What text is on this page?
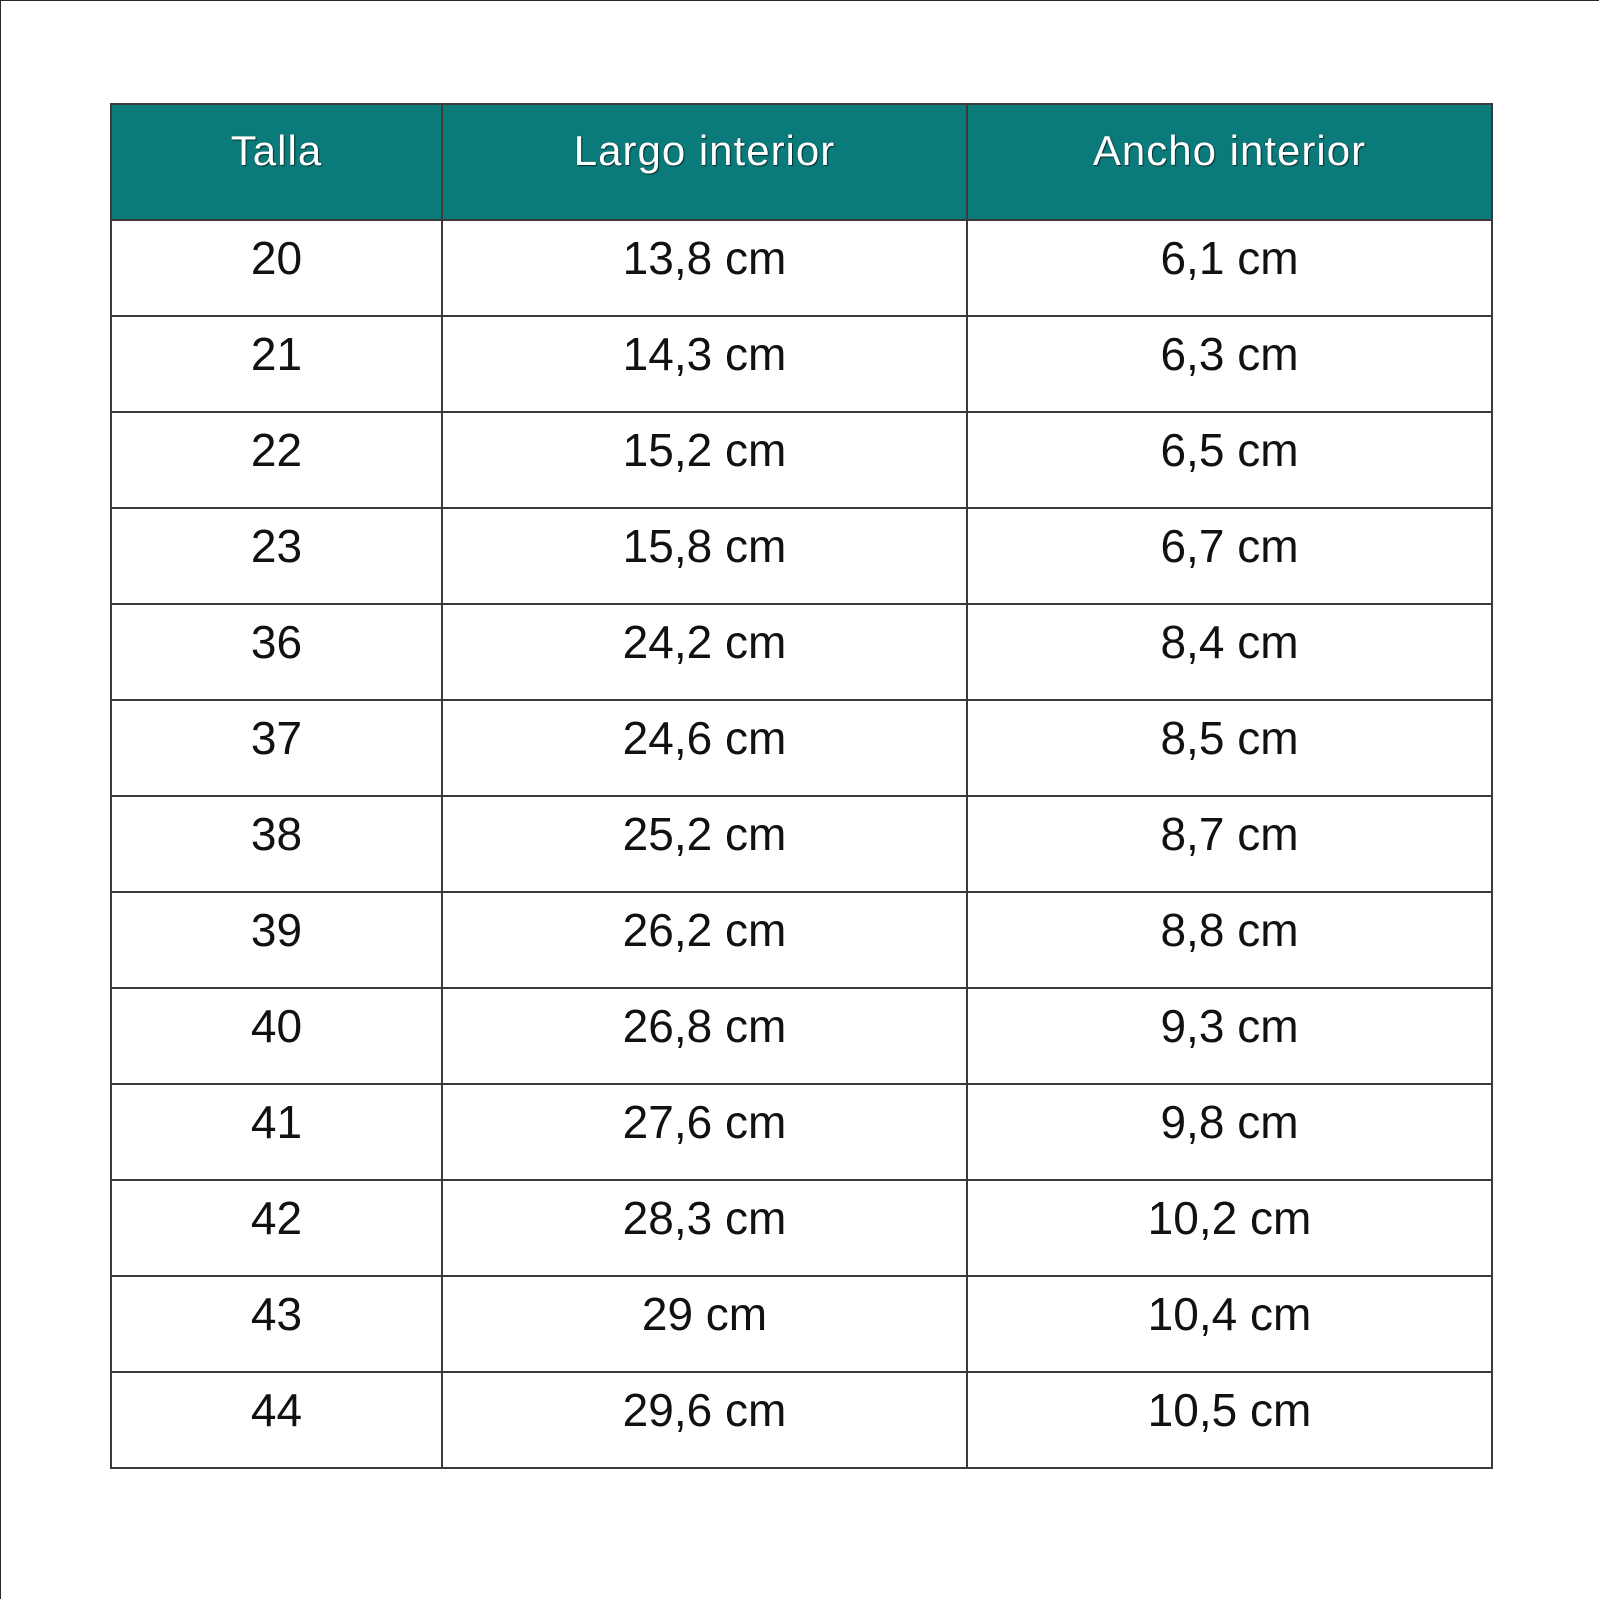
Talla	Largo interior	Ancho interior
20	13,8 cm	6,1 cm
21	14,3 cm	6,3 cm
22	15,2 cm	6,5 cm
23	15,8 cm	6,7 cm
36	24,2 cm	8,4 cm
37	24,6 cm	8,5 cm
38	25,2 cm	8,7 cm
39	26,2 cm	8,8 cm
40	26,8 cm	9,3 cm
41	27,6 cm	9,8 cm
42	28,3 cm	10,2 cm
43	29 cm	10,4 cm
44	29,6 cm	10,5 cm
